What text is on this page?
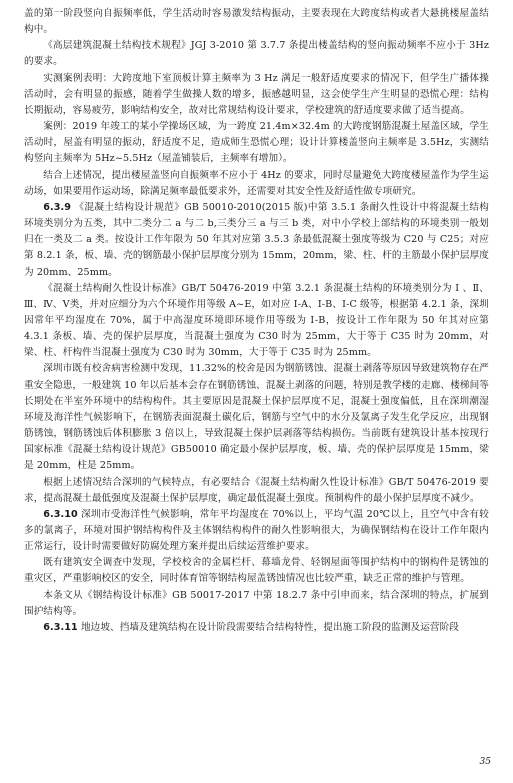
盖的第一阶段竖向自振频率低，学生活动时容易激发结构振动，主要表现在大跨度结构或者大悬挑楼屋盖结构中。

《高层建筑混凝土结构技术规程》JGJ 3-2010 第 3.7.7 条提出楼盖结构的竖向振动频率不应小于 3Hz 的要求。

实测案例表明：大跨度地下室顶板计算主频率为 3 Hz 满足一般舒适度要求的情况下，但学生广播体操活动时，会有明显的振感，随着学生做操人数的增多，振感越明显，这会使学生产生明显的恐慌心理：结构长期振动，容易疲劳，影响结构安全，故对比常规结构设计要求，学校建筑的舒适度要求做了适当提高。

案例：2019 年竣工的某小学操场区域，为一跨度 21.4m×32.4m 的大跨度钢筋混凝土屋盖区域，学生活动时，屋盖有明显的振动，舒适度不足，造成师生恐慌心理；设计计算楼盖竖向主频率是 3.5Hz，实测结构竖向主频率为 5Hz~5.5Hz（屋盖铺装后，主频率有增加）。

结合上述情况，提出楼屋盖竖向自振频率不应小于 4Hz 的要求，同时尽量避免大跨度楼屋盖作为学生运动场，如果要用作运动场，除满足频率最低要求外，还需要对其安全性及舒适性做专项研究。

6.3.9 《混凝土结构设计规范》GB 50010-2010(2015 版)中第 3.5.1 条耐久性设计中将混凝土结构环境类别分为五类，其中二类分二 a 与二 b,三类分三 a 与三 b 类，对中小学校上部结构的环境类别一般划归在一类及二 a 类。按设计工作年限为 50 年其对应第 3.5.3 条最低混凝土强度等级为 C20 与 C25；对应第 8.2.1 条，板、墙、壳的钢筋最小保护层厚度分别为 15mm，20mm，梁、柱、杆的主筋最小保护层厚度为 20mm、25mm。

《混凝土结构耐久性设计标准》GB/T 50476-2019 中第 3.2.1 条混凝土结构的环境类别分为 Ⅰ 、Ⅱ、Ⅲ、Ⅳ、Ⅴ类，并对应细分为六个环境作用等级 A~E，如对应 Ⅰ-A、Ⅰ-B、Ⅰ-C 级等，根据第 4.2.1 条，深圳因常年平均湿度在 70%，属于中高湿度环境即环境作用等级为 Ⅰ-B，按设计工作年限为 50 年其对应第 4.3.1 条板、墙、壳的保护层厚度，当混凝土强度为 C30 时为 25mm，大于等于 C35 时为 20mm，对梁、柱、杆构件当混凝土强度为 C30 时为 30mm，大于等于 C35 时为 25mm。

深圳市既有校舍病害检测中发现，11.32%的校舍是因为钢筋锈蚀、混凝土剥落等原因导致建筑物存在严重安全隐患，一般建筑 10 年以后基本会存在钢筋锈蚀、混凝土剥落的问题，特别是教学楼的走廊、楼梯间等长期处在半室外环境中的结构构件。其主要原因是混凝土保护层厚度不足，混凝土强度偏低，且在深圳潮湿环境及海洋性气候影响下，在钢筋表面混凝土碳化后，钢筋与空气中的水分及氯离子发生化学反应，出现钢筋锈蚀，钢筋锈蚀后体积膨胀 3 倍以上，导致混凝土保护层剥落等结构损伤。当前既有建筑设计基本按现行国家标准《混凝土结构设计规范》GB50010 确定最小保护层厚度，板、墙、壳的保护层厚度是 15mm，梁是 20mm，柱是 25mm。

根据上述情况结合深圳的气候特点，有必要结合《混凝土结构耐久性设计标准》GB/T 50476-2019 要求，提高混凝土最低强度及混凝土保护层厚度，确定最低混凝土强度。预制构件的最小保护层厚度不减少。

6.3.10 深圳市受海洋性气候影响，常年平均湿度在 70%以上，平均气温 20℃以上，且空气中含有较多的氯离子，环境对围护钢结构构件及主体钢结构构件的耐久性影响很大，为确保钢结构在设计工作年限内正常运行，设计时需要做好防腐处理方案并提出后续运营维护要求。

既有建筑安全调查中发现，学校校舍的金属栏杆、幕墙龙骨、轻钢屋面等围护结构中的钢构件是锈蚀的重灾区，严重影响校区的安全，同时体育馆等钢结构屋盖锈蚀情况也比较严重，缺乏正常的维护与管理。

本条文从《钢结构设计标准》GB 50017-2017 中第 18.2.7 条中引申而来，结合深圳的特点，扩展到围护结构等。

6.3.11 地边坡、挡墙及建筑结构在设计阶段需要结合结构特性，提出施工阶段的监测及运营阶段

35
